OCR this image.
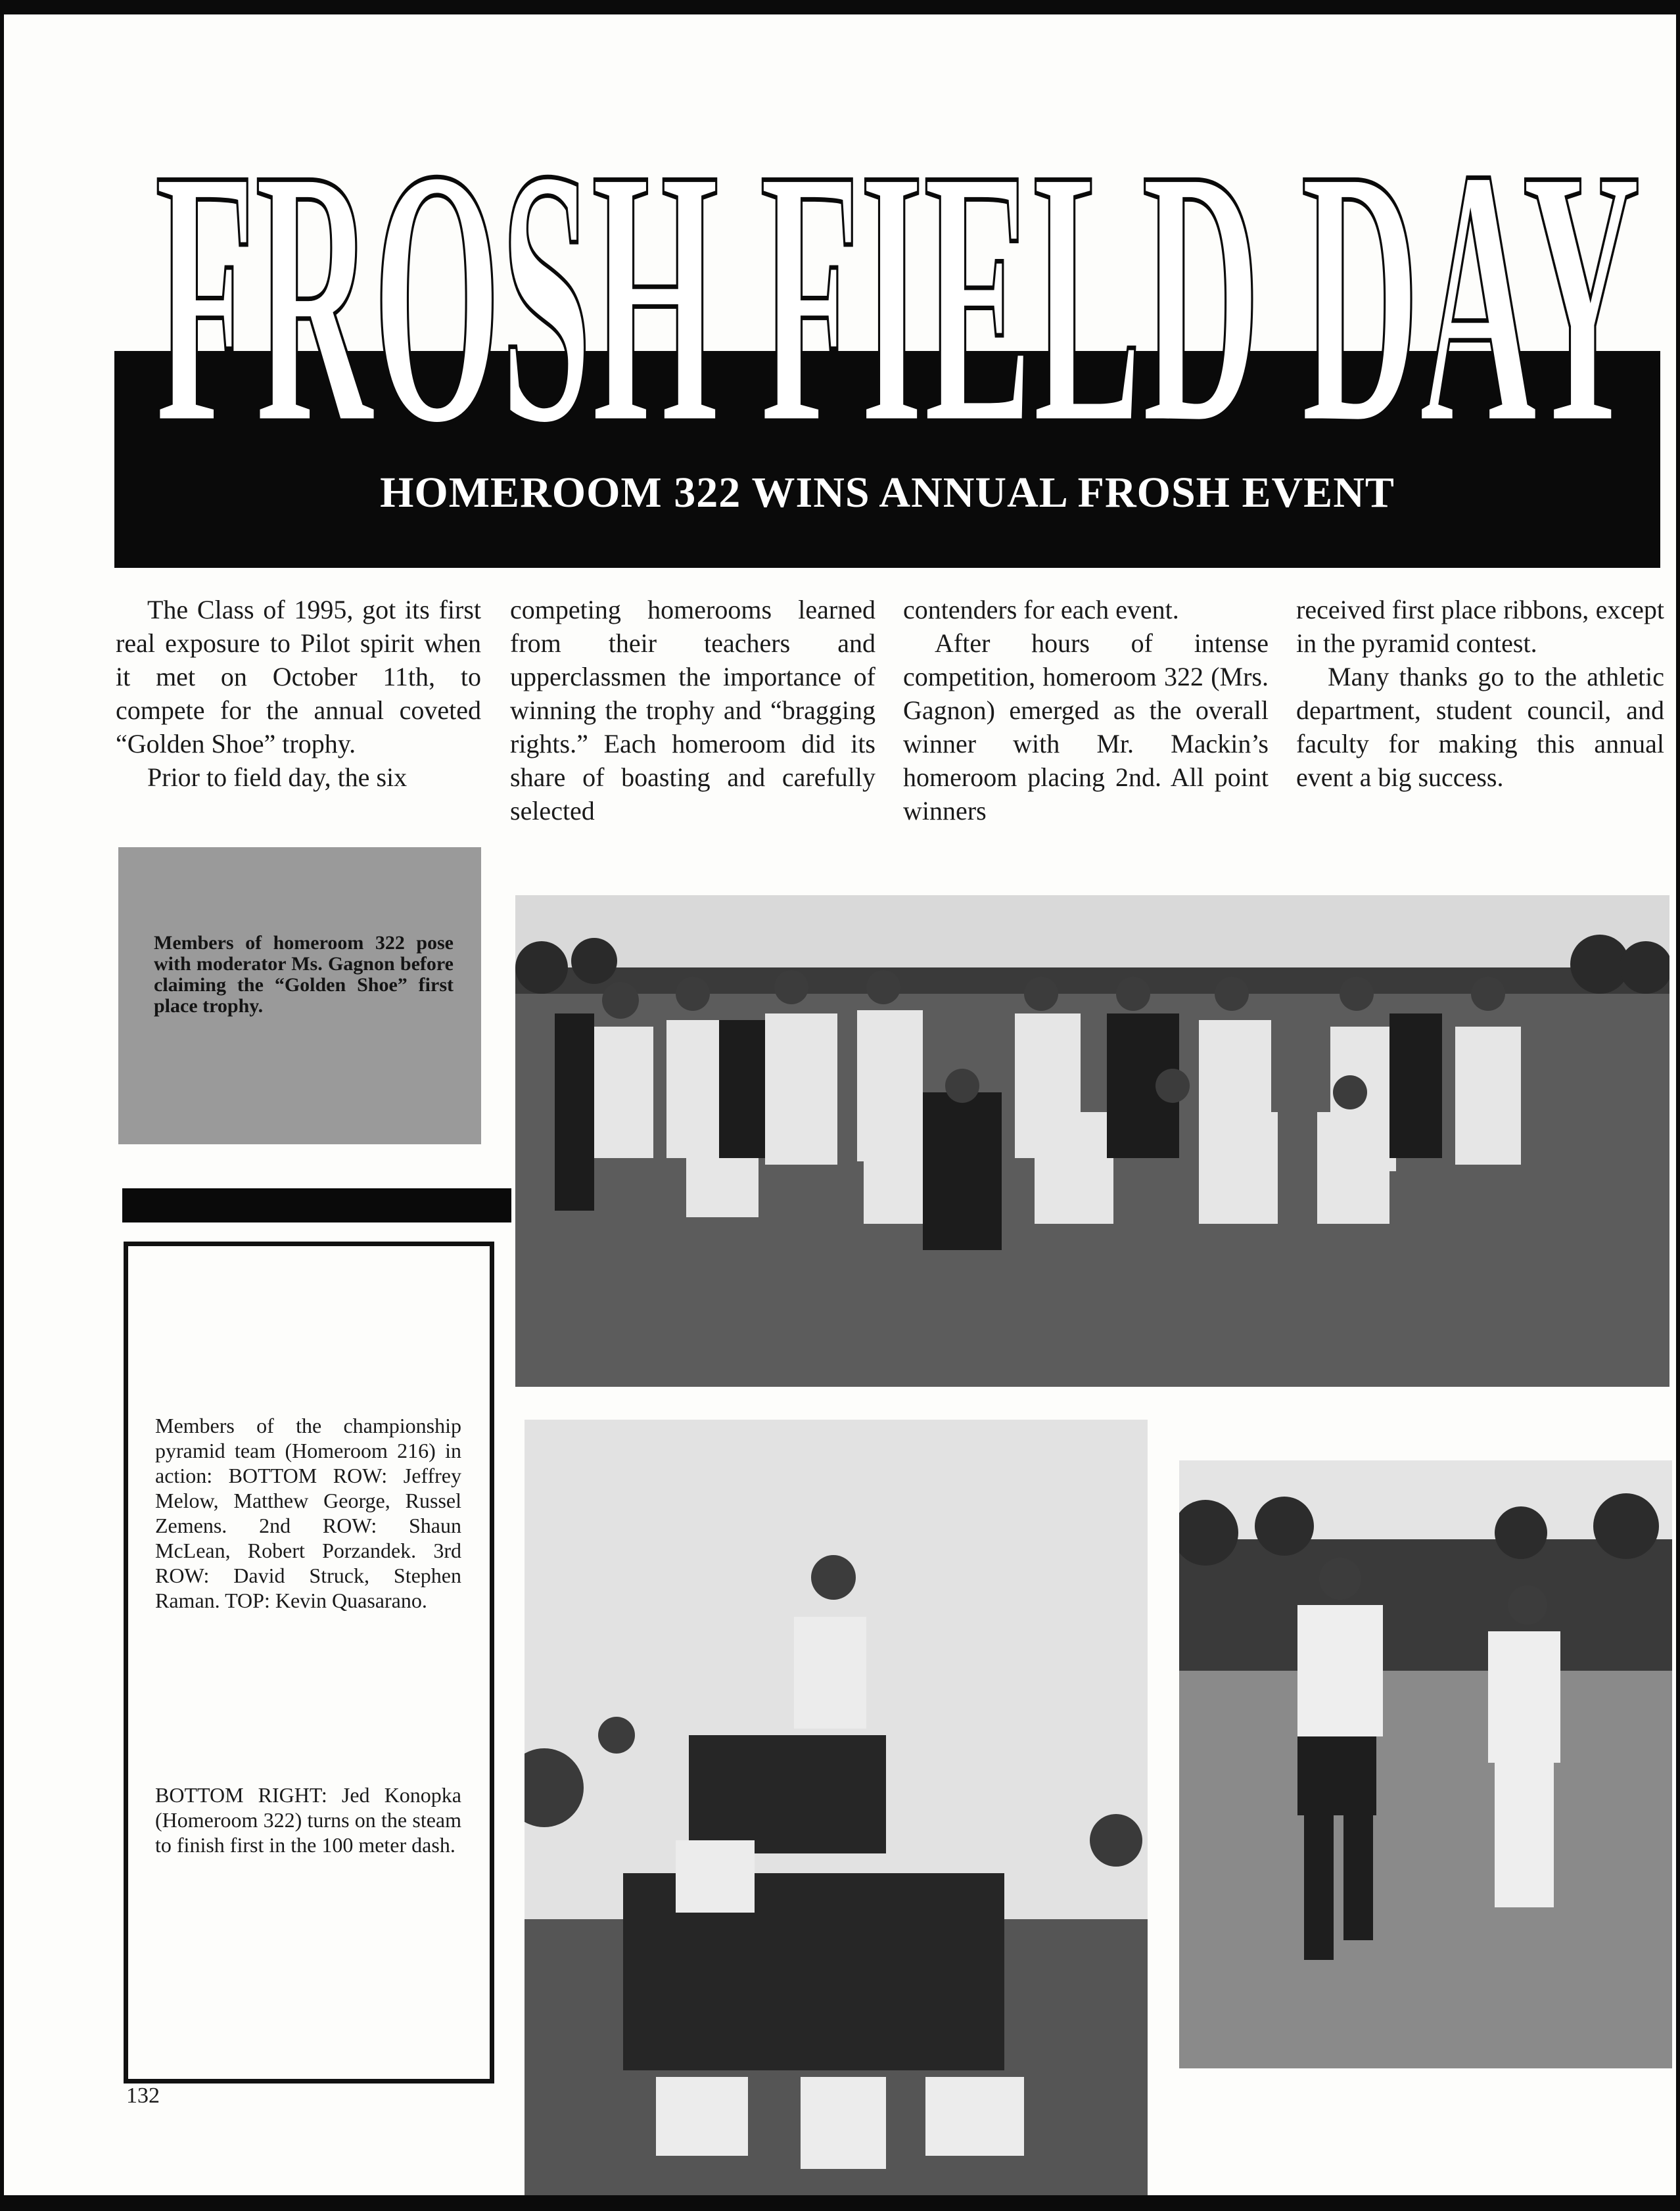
FROSH FIELD DAY
HOMEROOM 322 WINS ANNUAL FROSH EVENT

The Class of 1995, got its first real exposure to Pilot spirit when it met on October 11th, to compete for the annual coveted “Golden Shoe” trophy.

Prior to field day, the six

competing homerooms learned from their teachers and upperclassmen the importance of winning the trophy and “bragging rights.” Each homeroom did its share of boasting and carefully selected

contenders for each event.

After hours of intense competition, homeroom 322 (Mrs. Gagnon) emerged as the overall winner with Mr. Mackin’s homeroom placing 2nd. All point winners

received first place ribbons, except in the pyramid contest.

Many thanks go to the athletic department, student council, and faculty for making this annual event a big success.

Members of homeroom 322 pose with moderator Ms. Gagnon before claiming the “Golden Shoe” first place trophy.
Members of the championship pyramid team (Homeroom 216) in action: BOTTOM ROW: Jeffrey Melow, Matthew George, Russel Zemens. 2nd ROW: Shaun McLean, Robert Porzandek. 3rd ROW: David Struck, Stephen Raman. TOP: Kevin Quasarano.
BOTTOM RIGHT: Jed Konopka (Homeroom 322) turns on the steam to finish first in the 100 meter dash.
132
